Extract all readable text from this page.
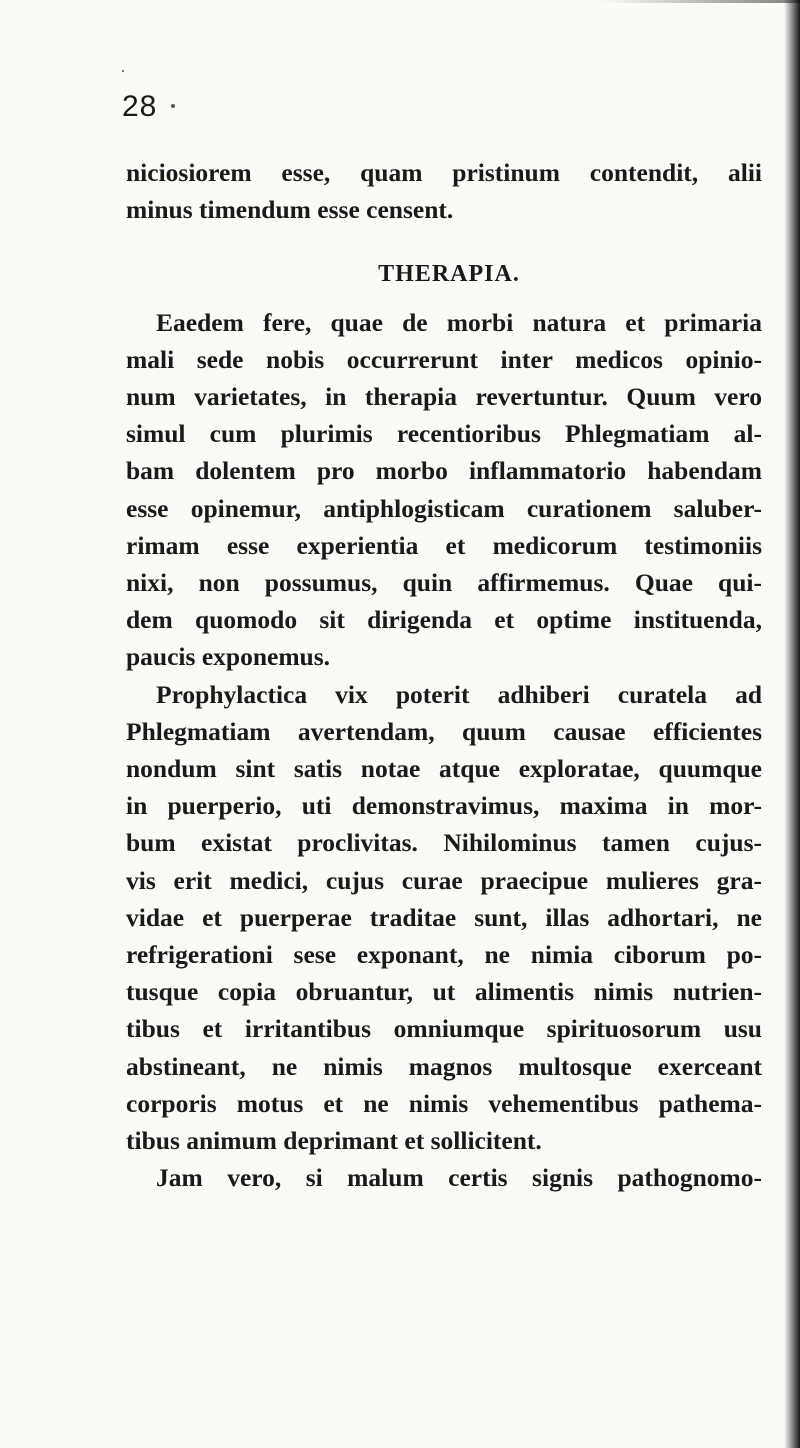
28
niciosiorem esse, quam pristinum contendit, alii
minus timendum esse censent.
THERAPIA.
Eaedem fere, quae de morbi natura et primaria
mali sede nobis occurrerunt inter medicos opinio-
num varietates, in therapia revertuntur. Quum vero
simul cum plurimis recentioribus Phlegmatiam al-
bam dolentem pro morbo inflammatorio habendam
esse opinemur, antiphlogisticam curationem saluber-
rimam esse experientia et medicorum testimoniis
nixi, non possumus, quin affirmemus. Quae qui-
dem quomodo sit dirigenda et optime instituenda,
paucis exponemus.
Prophylactica vix poterit adhiberi curatela ad
Phlegmatiam avertendam, quum causae efficientes
nondum sint satis notae atque exploratae, quumque
in puerperio, uti demonstravimus, maxima in mor-
bum existat proclivitas. Nihilominus tamen cujus-
vis erit medici, cujus curae praecipue mulieres gra-
vidae et puerperae traditae sunt, illas adhortari, ne
refrigerationi sese exponant, ne nimia ciborum po-
tusque copia obruantur, ut alimentis nimis nutrien-
tibus et irritantibus omniumque spirituosorum usu
abstineant, ne nimis magnos multosque exerceant
corporis motus et ne nimis vehementibus pathema-
tibus animum deprimant et sollicitent.
Jam vero, si malum certis signis pathognomo-
